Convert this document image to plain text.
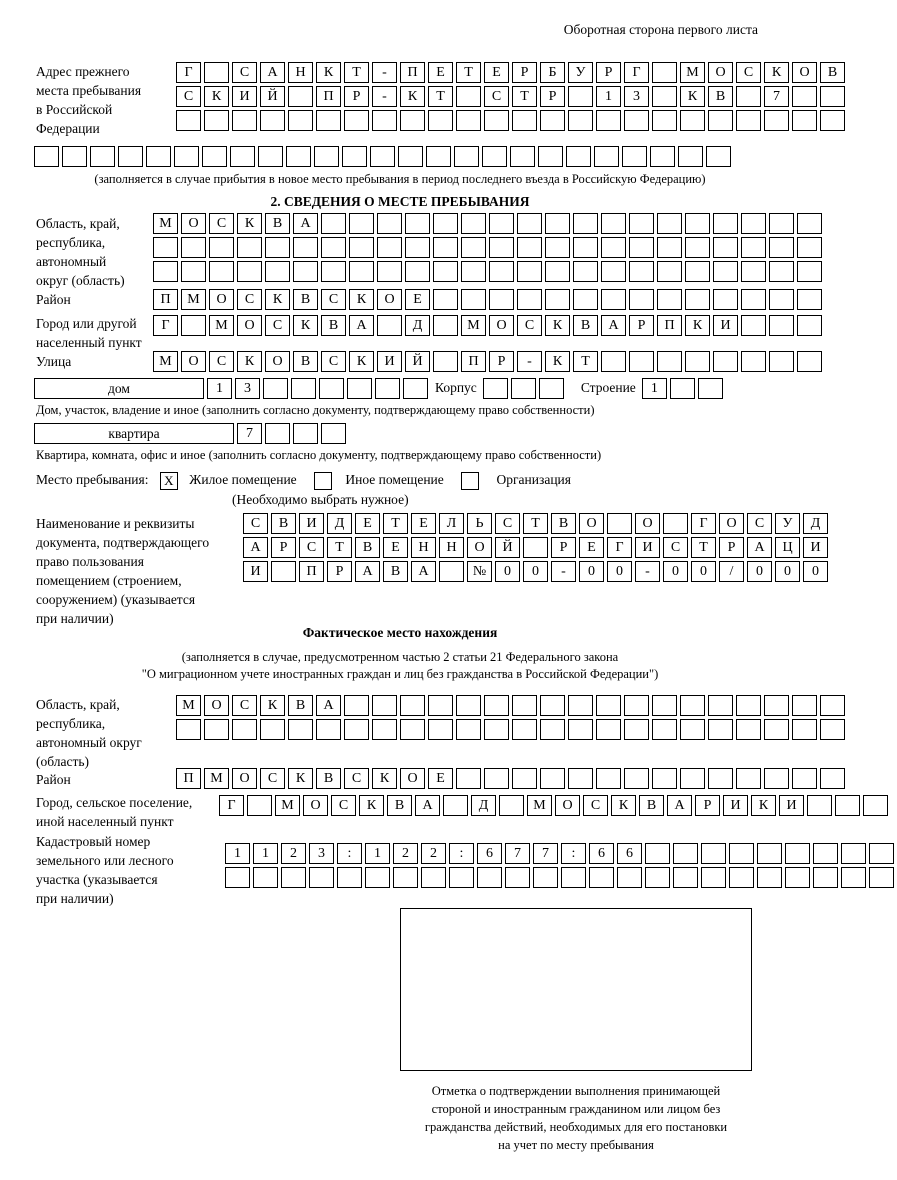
Оборотная сторона первого листа
Адрес прежнего
места пребывания
в Российской
Федерации
Г	С	А	Н	К	Т	-	П	Е	Т	Е	Р	Б	У	Р	Г	М	О	С	К	О	В
С	К	И	Й	П	Р	-	К	Т	С	Т	Р	1	3	К	В	7
(заполняется в случае прибытия в новое место пребывания в период последнего въезда в Российскую Федерацию)
2. СВЕДЕНИЯ О МЕСТЕ ПРЕБЫВАНИЯ
Область, край,
республика,
автономный
округ (область)
М	О	С	К	В	А
Район	П	М	О	С	К	В	С	К	О	Е
Город или другой
населенный пункт
Г	М	О	С	К	В	А	Д	М	О	С	К	В	А	Р	П	К	И
Улица	М	О	С	К	О	В	С	К	И	Й	П	Р	-	К	Т
дом	1	3	Корпус	Строение	1
Дом, участок, владение и иное (заполнить согласно документу, подтверждающему право собственности)
квартира	7
Квартира, комната, офис и иное (заполнить согласно документу, подтверждающему право собственности)
Место пребывания: X Жилое помещение	Иное помещение	Организация
(Необходимо выбрать нужное)
Наименование и реквизиты
документа, подтверждающего
право пользования
помещением (строением,
сооружением) (указывается
при наличии)
С	В	И	Д	Е	Т	Е	Л	Ь	С	Т	В	О	О	Г	О	С	У	Д
А	Р	С	Т	В	Е	Н	Н	О	Й	Р	Е	Г	И	С	Т	Р	А	Ц	И
И	П	Р	А	В	А	№	0	0	-	0	0	-	0	0	/	0	0	0
Фактическое место нахождения
(заполняется в случае, предусмотренном частью 2 статьи 21 Федерального закона
"О миграционном учете иностранных граждан и лиц без гражданства в Российской Федерации")
Область, край,
республика,
автономный округ
(область)
М	О	С	К	В	А
Район	П	М	О	С	К	В	С	К	О	Е
Город, сельское поселение,
иной населенный пункт
Г	М	О	С	К	В	А	Д	М	О	С	К	В	А	Р	И	К	И
Кадастровый номер
земельного или лесного
участка (указывается
при наличии)
1	1	2	3	:	1	2	2	:	6	7	7	:	6	6
Отметка о подтверждении выполнения принимающей
стороной и иностранным гражданином или лицом без
гражданства действий, необходимых для его постановки
на учет по месту пребывания
